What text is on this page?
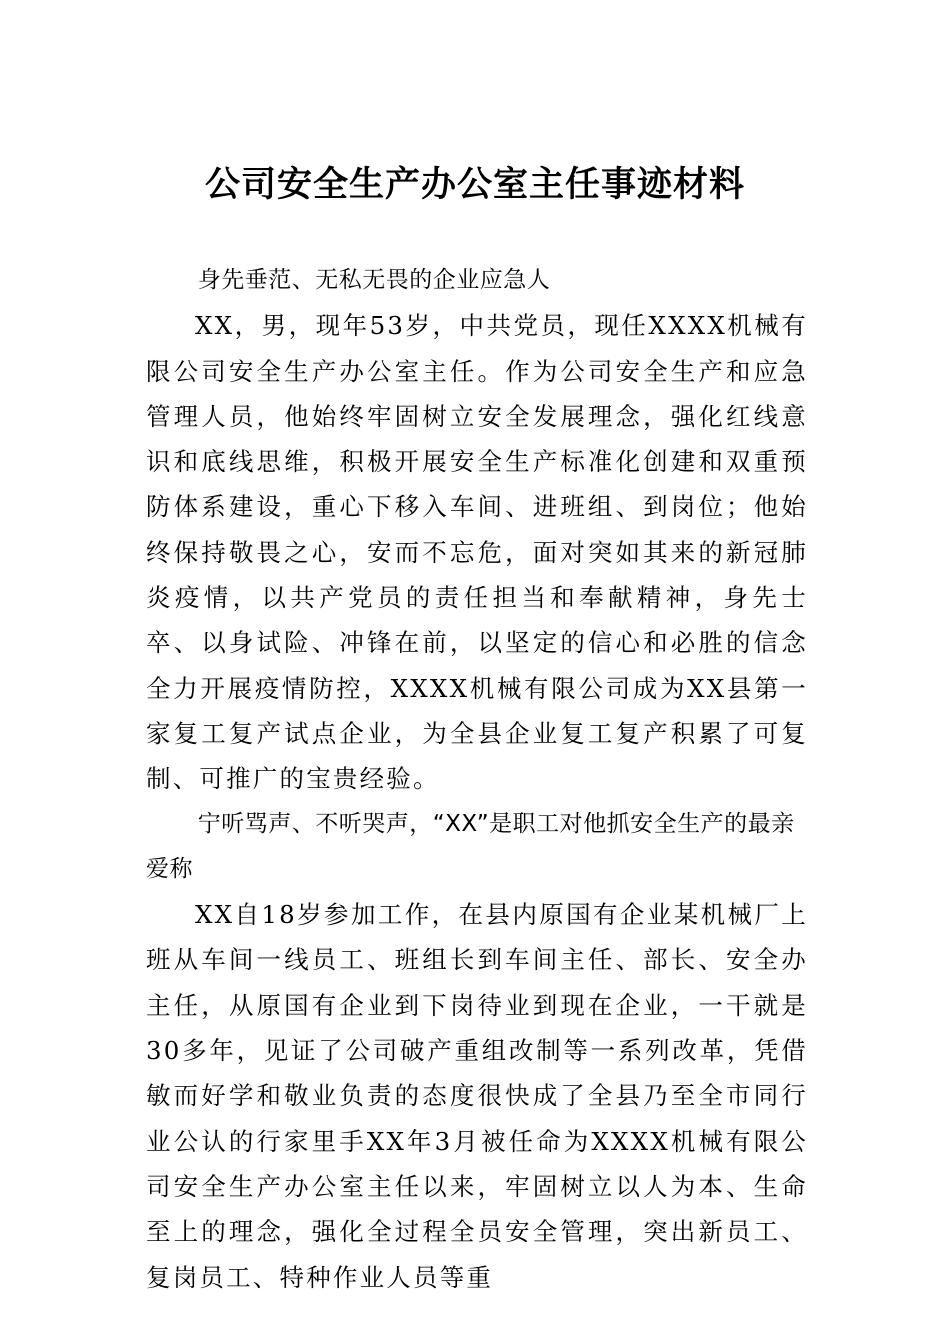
公司安全生产办公室主任事迹材料

身先垂范、无私无畏的企业应急人

XX，男，现年53岁，中共党员，现任XXXX机械有限公司安全生产办公室主任。作为公司安全生产和应急管理人员，他始终牢固树立安全发展理念，强化红线意识和底线思维，积极开展安全生产标准化创建和双重预防体系建设，重心下移入车间、进班组、到岗位；他始终保持敬畏之心，安而不忘危，面对突如其来的新冠肺炎疫情，以共产党员的责任担当和奉献精神，身先士卒、以身试险、冲锋在前，以坚定的信心和必胜的信念全力开展疫情防控，XXXX机械有限公司成为XX县第一家复工复产试点企业，为全县企业复工复产积累了可复制、可推广的宝贵经验。

宁听骂声、不听哭声，“XX”是职工对他抓安全生产的最亲爱称

XX自18岁参加工作，在县内原国有企业某机械厂上班从车间一线员工、班组长到车间主任、部长、安全办主任，从原国有企业到下岗待业到现在企业，一干就是30多年，见证了公司破产重组改制等一系列改革，凭借敏而好学和敬业负责的态度很快成了全县乃至全市同行业公认的行家里手XX年3月被任命为XXXX机械有限公司安全生产办公室主任以来，牢固树立以人为本、生命至上的理念，强化全过程全员安全管理，突出新员工、复岗员工、特种作业人员等重
